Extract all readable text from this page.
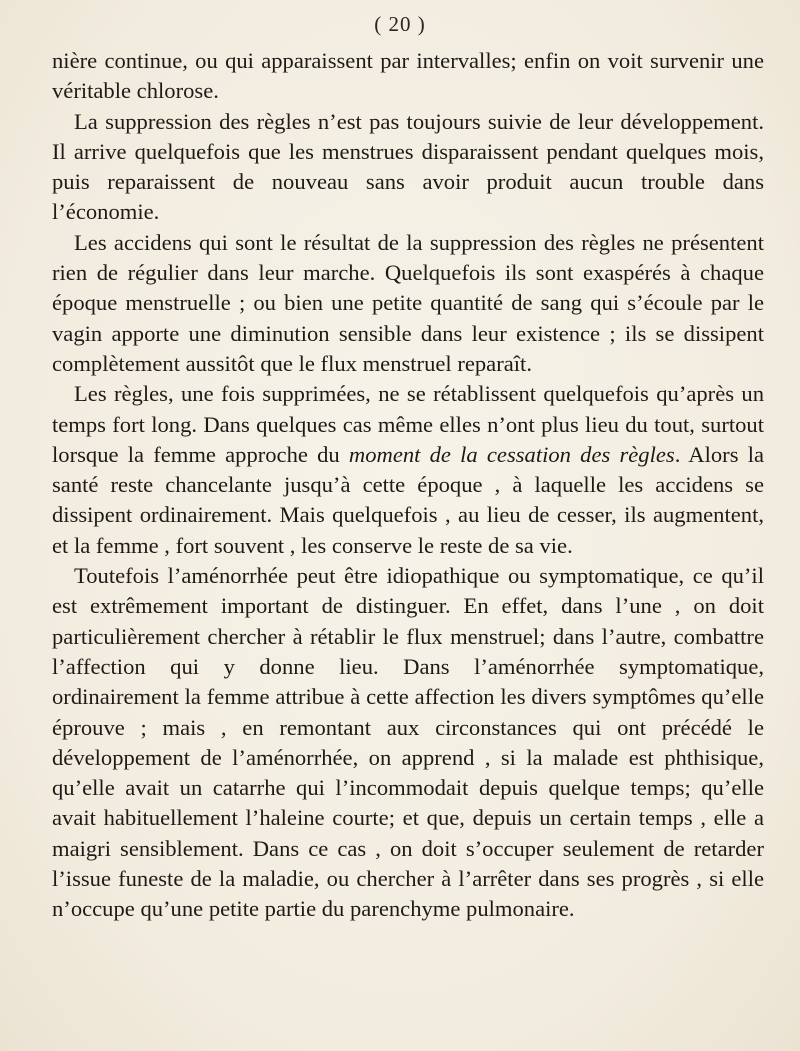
( 20 )

nière continue, ou qui apparaissent par intervalles; enfin on voit survenir une véritable chlorose.

La suppression des règles n’est pas toujours suivie de leur développement. Il arrive quelquefois que les menstrues disparaissent pendant quelques mois, puis reparaissent de nouveau sans avoir produit aucun trouble dans l’économie.

Les accidens qui sont le résultat de la suppression des règles ne présentent rien de régulier dans leur marche. Quelquefois ils sont exaspérés à chaque époque menstruelle ; ou bien une petite quantité de sang qui s’écoule par le vagin apporte une diminution sensible dans leur existence ; ils se dissipent complètement aussitôt que le flux menstruel reparaît.

Les règles, une fois supprimées, ne se rétablissent quelquefois qu’après un temps fort long. Dans quelques cas même elles n’ont plus lieu du tout, surtout lorsque la femme approche du moment de la cessation des règles. Alors la santé reste chancelante jusqu’à cette époque , à laquelle les accidens se dissipent ordinairement. Mais quelquefois , au lieu de cesser, ils augmentent, et la femme , fort souvent , les conserve le reste de sa vie.

Toutefois l’aménorrhée peut être idiopathique ou symptomatique, ce qu’il est extrêmement important de distinguer. En effet, dans l’une , on doit particulièrement chercher à rétablir le flux menstruel; dans l’autre, combattre l’affection qui y donne lieu. Dans l’aménorrhée symptomatique, ordinairement la femme attribue à cette affection les divers symptômes qu’elle éprouve ; mais , en remontant aux circonstances qui ont précédé le développement de l’aménorrhée, on apprend , si la malade est phthisique, qu’elle avait un catarrhe qui l’incommodait depuis quelque temps; qu’elle avait habituellement l’haleine courte; et que, depuis un certain temps , elle a maigri sensiblement. Dans ce cas , on doit s’occuper seulement de retarder l’issue funeste de la maladie, ou chercher à l’arrêter dans ses progrès , si elle n’occupe qu’une petite partie du parenchyme pulmonaire.
